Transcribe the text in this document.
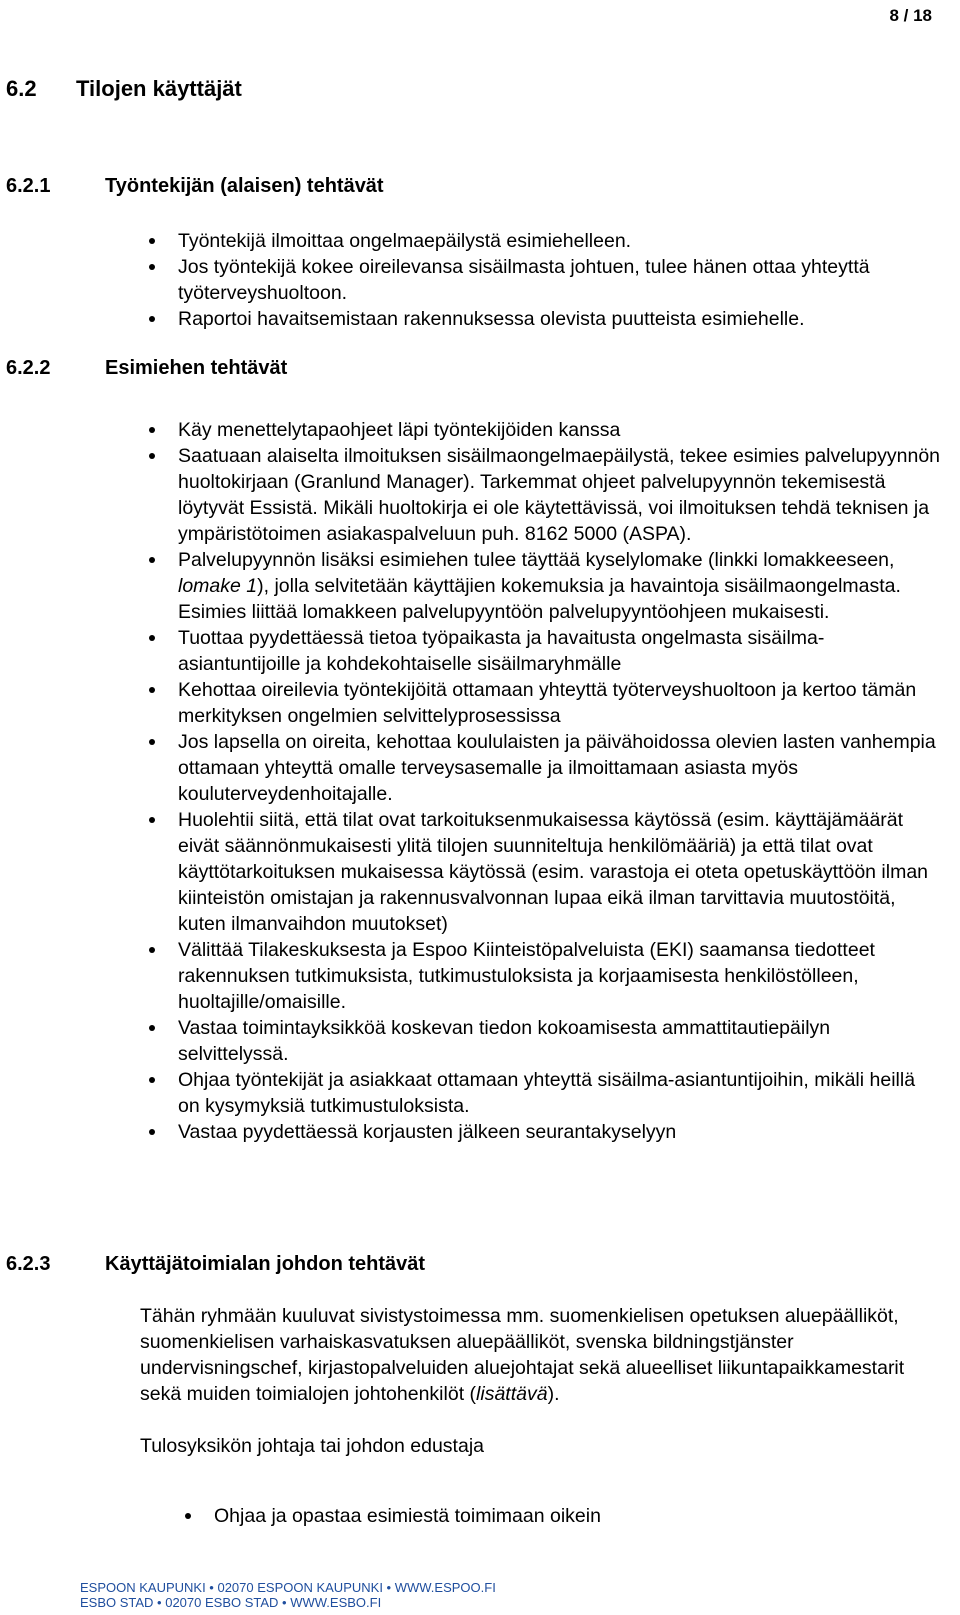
8 / 18
6.2 Tilojen käyttäjät
6.2.1	Työntekijän (alaisen) tehtävät
Työntekijä ilmoittaa ongelmaepäilystä esimiehelleen.
Jos työntekijä kokee oireilevansa sisäilmasta johtuen, tulee hänen ottaa yhteyttä työterveyshuoltoon.
Raportoi havaitsemistaan rakennuksessa olevista puutteista esimiehelle.
6.2.2	Esimiehen tehtävät
Käy menettelytapaohjeet läpi työntekijöiden kanssa
Saatuaan alaiselta ilmoituksen sisäilmaongelmaepäilystä, tekee esimies palvelupyynnön huoltokirjaan (Granlund Manager). Tarkemmat ohjeet palvelupyynnön tekemisestä löytyvät Essistä. Mikäli huoltokirja ei ole käytettävissä, voi ilmoituksen tehdä teknisen ja ympäristötoimen asiakaspalveluun puh. 8162 5000 (ASPA).
Palvelupyynnön lisäksi esimiehen tulee täyttää kyselylomake (linkki lomakkeeseen, lomake 1), jolla selvitetään käyttäjien kokemuksia ja havaintoja sisäilmaongelmasta. Esimies liittää lomakkeen palvelupyyntöön palvelupyyntöohjeen mukaisesti.
Tuottaa pyydettäessä tietoa työpaikasta ja havaitusta ongelmasta sisäilma-asiantuntijoille ja kohdekohtaiselle sisäilmaryhmälle
Kehottaa oireilevia työntekijöitä ottamaan yhteyttä työterveyshuoltoon ja kertoo tämän merkityksen ongelmien selvittelyprosessissa
Jos lapsella on oireita, kehottaa koululaisten ja päivähoidossa olevien lasten vanhempia ottamaan yhteyttä omalle terveysasemalle ja ilmoittamaan asiasta myös kouluterveydenhoitajalle.
Huolehtii siitä, että tilat ovat tarkoituksenmukaisessa käytössä (esim. käyttäjämäärät eivät säännönmukaisesti ylitä tilojen suunniteltuja henkilömääriä) ja että tilat ovat käyttötarkoituksen mukaisessa käytössä (esim. varastoja ei oteta opetuskäyttöön ilman kiinteistön omistajan ja rakennusvalvonnan lupaa eikä ilman tarvittavia muutostöitä, kuten ilmanvaihdon muutokset)
Välittää Tilakeskuksesta ja Espoo Kiinteistöpalveluista (EKI) saamansa tiedotteet rakennuksen tutkimuksista, tutkimustuloksista ja korjaamisesta henkilöstölleen, huoltajille/omaisille.
Vastaa toimintayksikköä koskevan tiedon kokoamisesta ammattitautiepäilyn selvittelyssä.
Ohjaa työntekijät ja asiakkaat ottamaan yhteyttä sisäilma-asiantuntijoihin, mikäli heillä on kysymyksiä tutkimustuloksista.
Vastaa pyydettäessä korjausten jälkeen seurantakyselyyn
6.2.3	Käyttäjätoimialan johdon tehtävät

Tähän ryhmään kuuluvat sivistystoimessa mm. suomenkielisen opetuksen aluepäälliköt, suomenkielisen varhaiskasvatuksen aluepäälliköt, svenska bildningstjänster undervisningschef, kirjastopalveluiden aluejohtajat sekä alueelliset liikuntapaikkamestarit sekä muiden toimialojen johtohenkilöt (lisättävä).

Tulosyksikön johtaja tai johdon edustaja

Ohjaa ja opastaa esimiestä toimimaan oikein
ESPOON KAUPUNKI • 02070 ESPOON KAUPUNKI • WWW.ESPOO.FI
ESBO STAD • 02070 ESBO STAD • WWW.ESBO.FI
